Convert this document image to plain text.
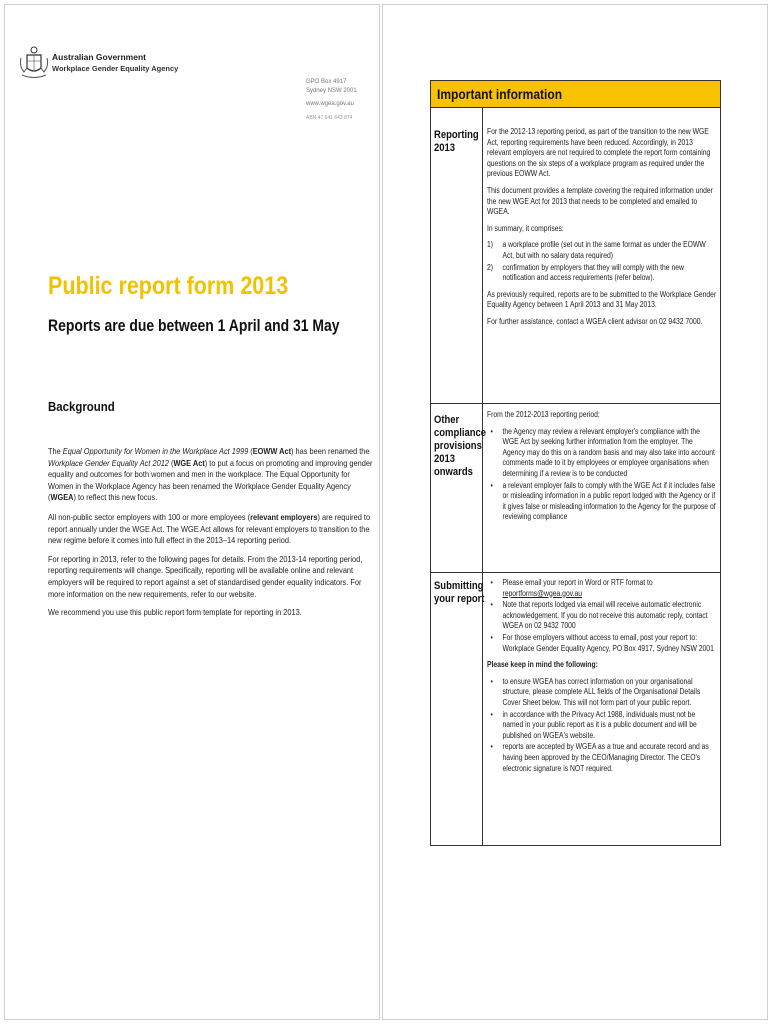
Australian Government
Workplace Gender Equality Agency
GPO Box 4917
Sydney NSW 2001
www.wgea.gov.au
ABN 47 641 643 874
Public report form 2013
Reports are due between 1 April and 31 May
Background

The Equal Opportunity for Women in the Workplace Act 1999 (EOWW Act) has been renamed the Workplace Gender Equality Act 2012 (WGE Act) to put a focus on promoting and improving gender equality and outcomes for both women and men in the workplace. The Equal Opportunity for Women in the Workplace Agency has been renamed the Workplace Gender Equality Agency (WGEA) to reflect this new focus.

All non-public sector employers with 100 or more employees (relevant employers) are required to report annually under the WGE Act. The WGE Act allows for relevant employers to transition to the new regime before it comes into full effect in the 2013–14 reporting period.

For reporting in 2013, refer to the following pages for details. From the 2013-14 reporting period, reporting requirements will change. Specifically, reporting will be available online and relevant employers will be required to report against a set of standardised gender equality indicators. For more information on the new requirements, refer to our website.

We recommend you use this public report form template for reporting in 2013.

Important information
Reporting
2013

For the 2012-13 reporting period, as part of the transition to the new WGE Act, reporting requirements have been reduced. Accordingly, in 2013 relevant employers are not required to complete the report form containing questions on the six steps of a workplace program as required under the previous EOWW Act.

This document provides a template covering the required information under the new WGE Act for 2013 that needs to be completed and emailed to WGEA.

In summary, it comprises:

1) a workplace profile (set out in the same format as under the EOWW Act, but with no salary data required)
2) confirmation by employers that they will comply with the new notification and access requirements (refer below).

As previously required, reports are to be submitted to the Workplace Gender Equality Agency between 1 April 2013 and 31 May 2013.

For further assistance, contact a WGEA client advisor on 02 9432 7000.

Other
compliance
provisions
2013
onwards

From the 2012-2013 reporting period:

• the Agency may review a relevant employer's compliance with the WGE Act by seeking further information from the employer. The Agency may do this on a random basis and may also take into account comments made to it by employees or employee organisations when determining if a review is to be conducted
• a relevant employer fails to comply with the WGE Act if it includes false or misleading information in a public report lodged with the Agency or if it gives false or misleading information to the Agency for the purpose of reviewing compliance
Submitting
your report
• Please email your report in Word or RTF format to
reportforms@wgea.gov.au
• Note that reports lodged via email will receive automatic electronic acknowledgement. If you do not receive this automatic reply, contact WGEA on 02 9432 7000
• For those employers without access to email, post your report to: Workplace Gender Equality Agency, PO Box 4917, Sydney NSW 2001

Please keep in mind the following:

• to ensure WGEA has correct information on your organisational structure, please complete ALL fields of the Organisational Details Cover Sheet below. This will not form part of your public report.
• in accordance with the Privacy Act 1988, individuals must not be named in your public report as it is a public document and will be published on WGEA's website.
• reports are accepted by WGEA as a true and accurate record and as having been approved by the CEO/Managing Director. The CEO's electronic signature is NOT required.
